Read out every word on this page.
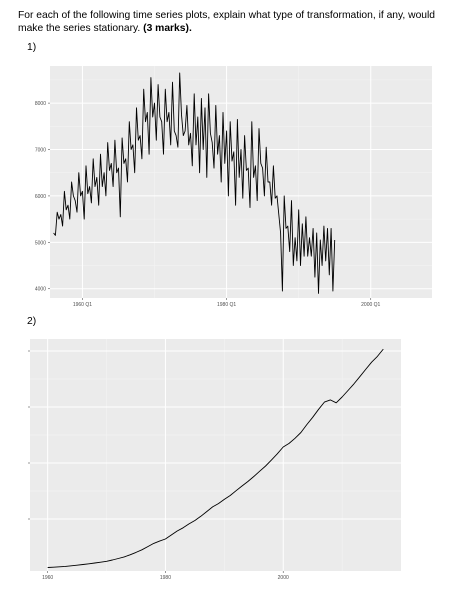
For each of the following time series plots, explain what type of transformation, if any, would make the series stationary. (3 marks).
1)
4000
5000
6000
7000
8000
1960 Q1	1980 Q1	2000 Q1
2)
1960	1980	2000
